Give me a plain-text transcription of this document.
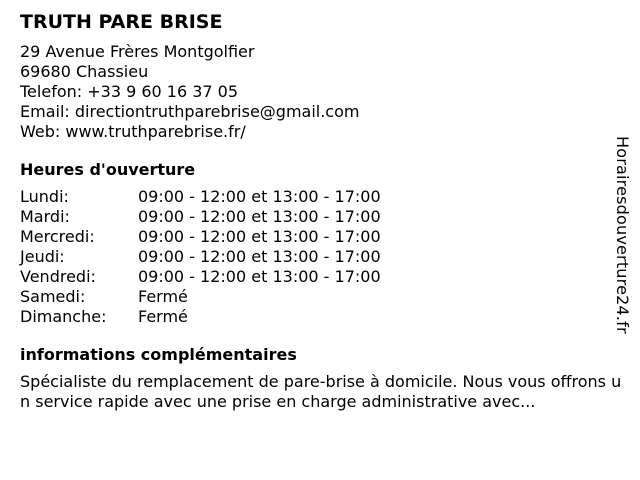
TRUTH PARE BRISE
29 Avenue Frères Montgolfier
69680 Chassieu
Telefon: +33 9 60 16 37 05
Email: directiontruthparebrise@gmail.com
Web: www.truthparebrise.fr/
Heures d'ouverture
Lundi:	09:00 - 12:00 et 13:00 - 17:00
Mardi:	09:00 - 12:00 et 13:00 - 17:00
Mercredi:	09:00 - 12:00 et 13:00 - 17:00
Jeudi:	09:00 - 12:00 et 13:00 - 17:00
Vendredi:	09:00 - 12:00 et 13:00 - 17:00
Samedi:	Fermé
Dimanche:	Fermé
informations complémentaires
Spécialiste du remplacement de pare-brise à domicile. Nous vous offrons un service rapide avec une prise en charge administrative avec...
Horairesdouverture24.fr
